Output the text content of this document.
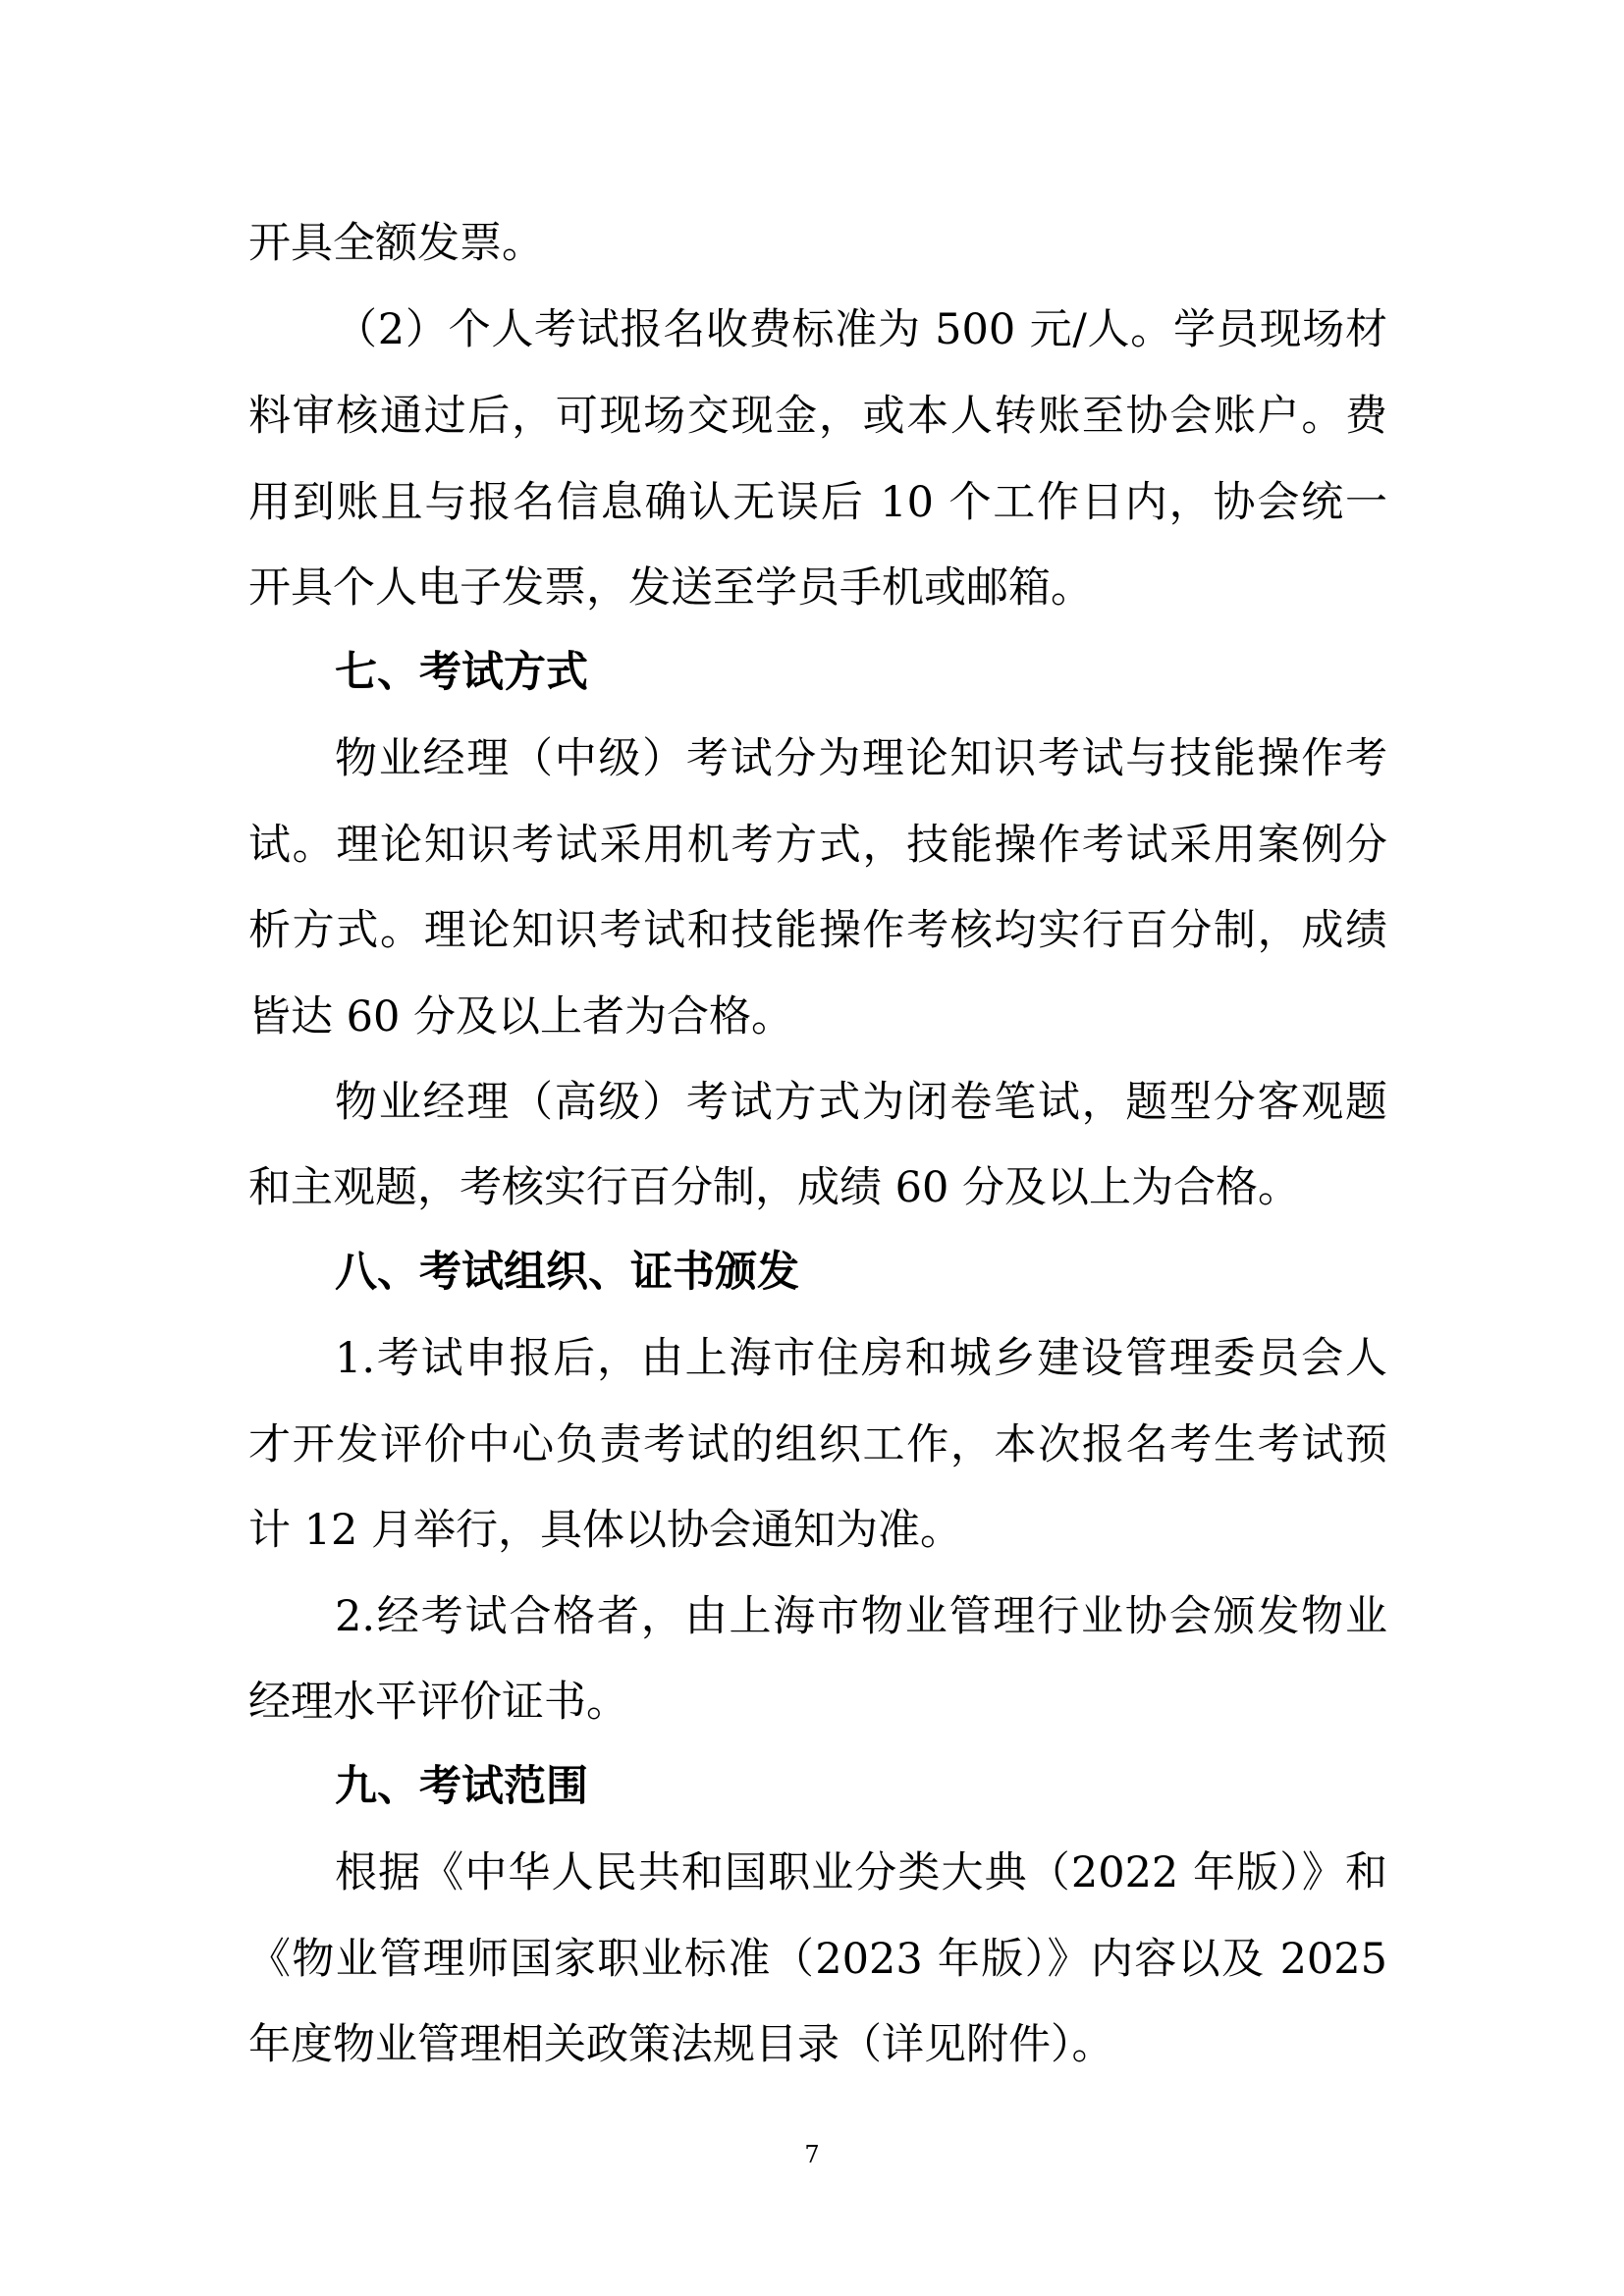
开具全额发票。
（2）个人考试报名收费标准为 500 元/人。学员现场材
料审核通过后，可现场交现金，或本人转账至协会账户。费
用到账且与报名信息确认无误后 10 个工作日内，协会统一
开具个人电子发票，发送至学员手机或邮箱。
七、考试方式
物业经理（中级）考试分为理论知识考试与技能操作考
试。理论知识考试采用机考方式，技能操作考试采用案例分
析方式。理论知识考试和技能操作考核均实行百分制，成绩
皆达 60 分及以上者为合格。
物业经理（高级）考试方式为闭卷笔试，题型分客观题
和主观题，考核实行百分制，成绩 60 分及以上为合格。
八、考试组织、证书颁发
1.考试申报后，由上海市住房和城乡建设管理委员会人
才开发评价中心负责考试的组织工作，本次报名考生考试预
计 12 月举行，具体以协会通知为准。
2.经考试合格者，由上海市物业管理行业协会颁发物业
经理水平评价证书。
九、考试范围
根据《中华人民共和国职业分类大典（2022 年版）》和
《物业管理师国家职业标准（2023 年版）》内容以及 2025
年度物业管理相关政策法规目录（详见附件）。
7
